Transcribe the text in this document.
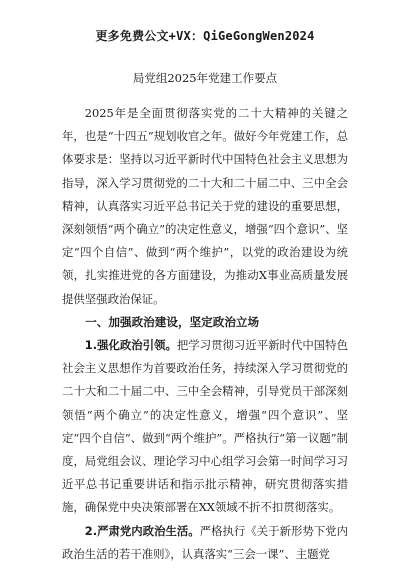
更多免费公文+VX：QiGeGongWen2024
局党组2025年党建工作要点

2025年是全面贯彻落实党的二十大精神的关键之年，也是“十四五”规划收官之年。做好今年党建工作，总体要求是：坚持以习近平新时代中国特色社会主义思想为指导，深入学习贯彻党的二十大和二十届二中、三中全会精神，认真落实习近平总书记关于党的建设的重要思想，深刻领悟“两个确立”的决定性意义，增强“四个意识”、坚定“四个自信”、做到“两个维护”，以党的政治建设为统领，扎实推进党的各方面建设，为推动X事业高质量发展提供坚强政治保证。

一、加强政治建设，坚定政治立场

1.强化政治引领。把学习贯彻习近平新时代中国特色社会主义思想作为首要政治任务，持续深入学习贯彻党的二十大和二十届二中、三中全会精神，引导党员干部深刻领悟“两个确立”的决定性意义，增强“四个意识”、坚定“四个自信”、做到“两个维护”。严格执行“第一议题”制度，局党组会议、理论学习中心组学习会第一时间学习习近平总书记重要讲话和指示批示精神，研究贯彻落实措施，确保党中央决策部署在XX领域不折不扣贯彻落实。

2.严肃党内政治生活。严格执行《关于新形势下党内政治生活的若干准则》，认真落实“三会一课”、主题党
